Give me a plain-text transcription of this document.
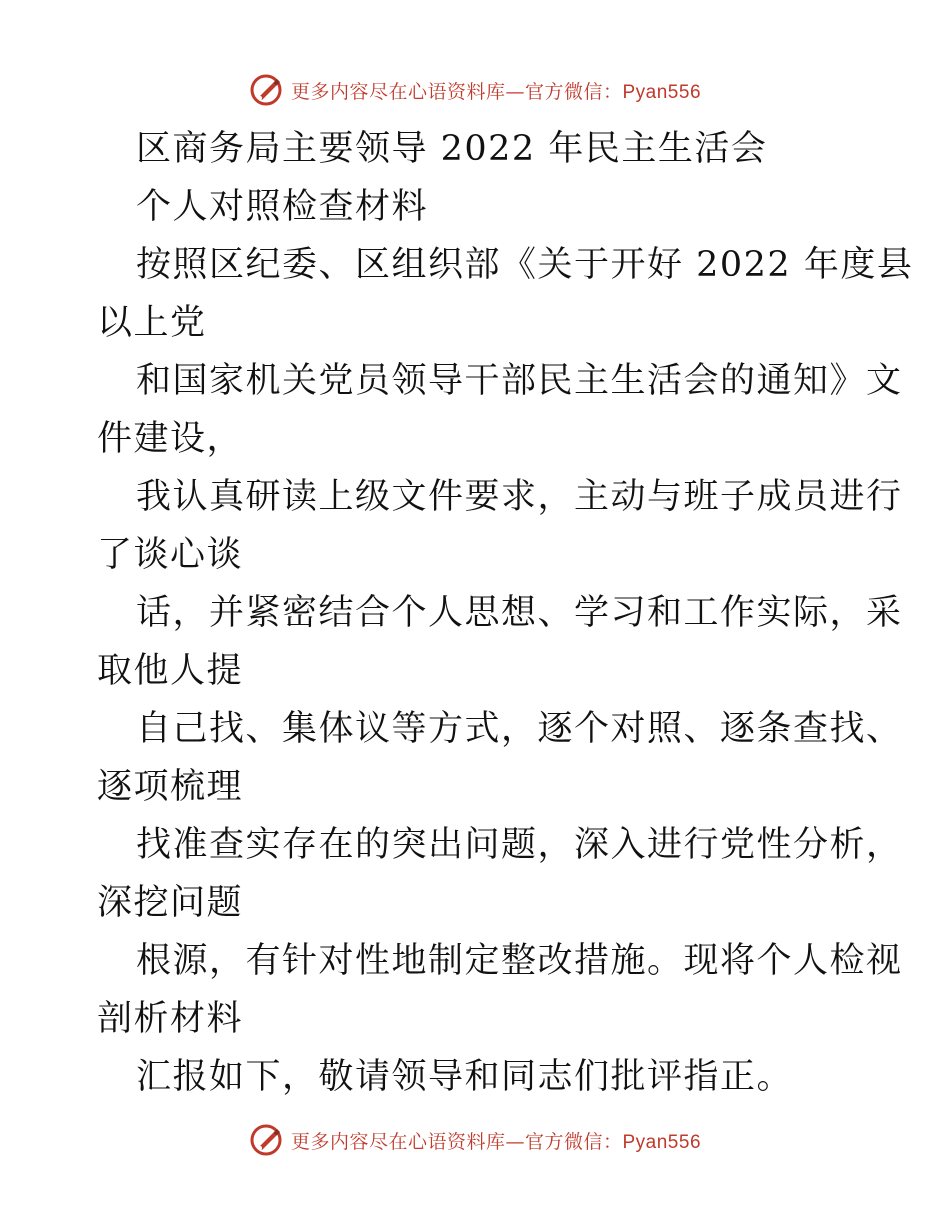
更多内容尽在心语资料库—官方微信：Pyan556
区商务局主要领导 2022 年民主生活会
个人对照检查材料
按照区纪委、区组织部《关于开好 2022 年度县
以上党
和国家机关党员领导干部民主生活会的通知》文
件建设，
我认真研读上级文件要求，主动与班子成员进行
了谈心谈
话，并紧密结合个人思想、学习和工作实际，采
取他人提
自己找、集体议等方式，逐个对照、逐条查找、
逐项梳理
找准查实存在的突出问题，深入进行党性分析，
深挖问题
根源，有针对性地制定整改措施。现将个人检视
剖析材料
汇报如下，敬请领导和同志们批评指正。
更多内容尽在心语资料库—官方微信：Pyan556
